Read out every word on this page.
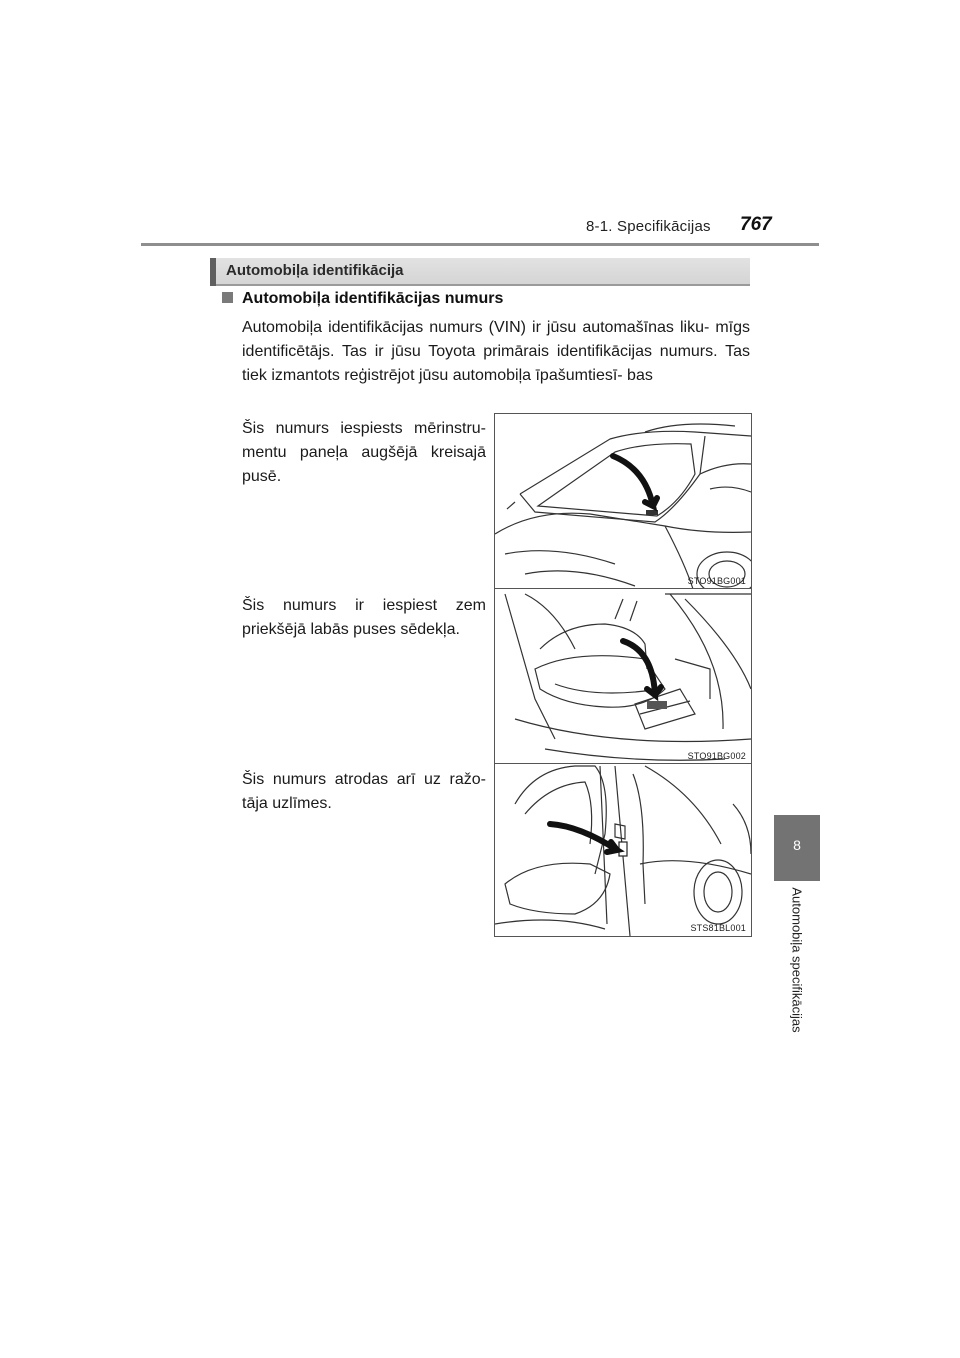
8-1. Specifikācijas 767
Automobiļa identifikācija
Automobiļa identifikācijas numurs
Automobiļa identifikācijas numurs (VIN) ir jūsu automašīnas liku- mīgs identificētājs. Tas ir jūsu Toyota primārais identifikācijas numurs. Tas tiek izmantots reģistrējot jūsu automobiļa īpašumtiesī- bas
Šis numurs iespiests mērinstru- mentu paneļa augšējā kreisajā pusē.
STO91BG001
Šis numurs ir iespiest zem priekšējā labās puses sēdekļa.
STO91BG002
Šis numurs atrodas arī uz ražo- tāja uzlīmes.
STS81BL001
8
Automobiļa specifikācijas
